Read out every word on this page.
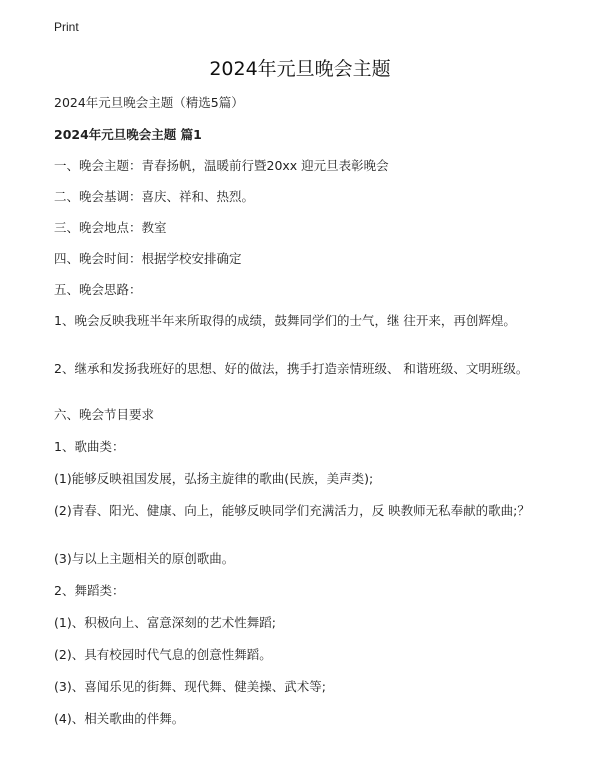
Print
2024年元旦晚会主题
2024年元旦晚会主题（精选5篇）
2024年元旦晚会主题 篇1
一、晚会主题：青春扬帆，温暖前行暨20xx 迎元旦表彰晚会
二、晚会基调：喜庆、祥和、热烈。
三、晚会地点：教室
四、晚会时间：根据学校安排确定
五、晚会思路：
1、晚会反映我班半年来所取得的成绩，鼓舞同学们的士气，继 往开来，再创辉煌。
2、继承和发扬我班好的思想、好的做法，携手打造亲情班级、 和谐班级、文明班级。
六、晚会节目要求
1、歌曲类：
(1)能够反映祖国发展，弘扬主旋律的歌曲(民族，美声类);
(2)青春、阳光、健康、向上，能够反映同学们充满活力，反 映教师无私奉献的歌曲;？
(3)与以上主题相关的原创歌曲。
2、舞蹈类：
(1)、积极向上、富意深刻的艺术性舞蹈;
(2)、具有校园时代气息的创意性舞蹈。
(3)、喜闻乐见的街舞、现代舞、健美操、武术等;
(4)、相关歌曲的伴舞。
